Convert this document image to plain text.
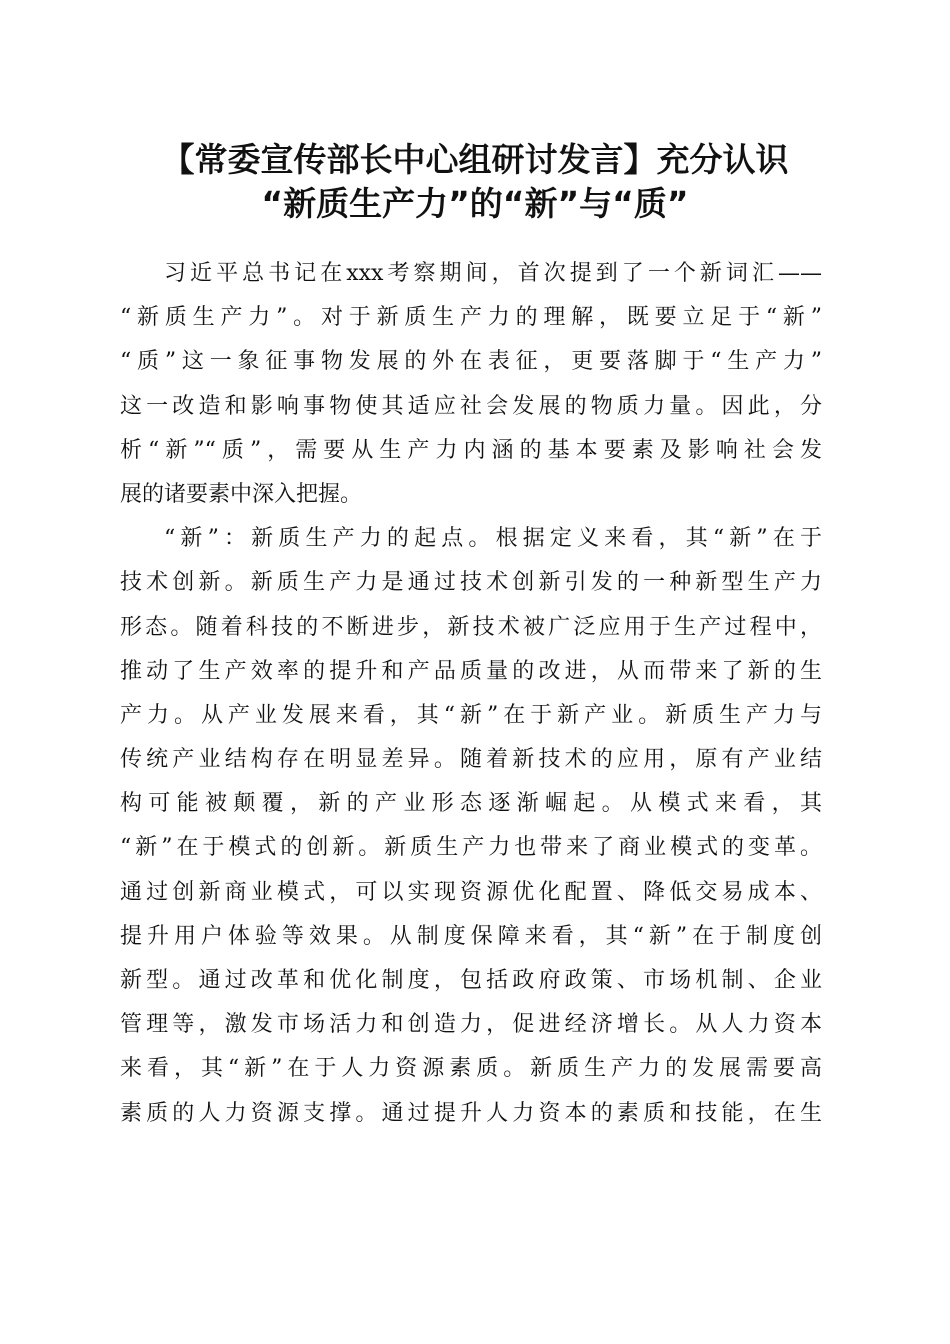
【常委宣传部长中心组研讨发言】充分认识
“新质生产力”的“新”与“质”
习近平总书记在xxx考察期间，首次提到了一个新词汇——
“新质生产力”。对于新质生产力的理解，既要立足于“新”
“质”这一象征事物发展的外在表征，更要落脚于“生产力”
这一改造和影响事物使其适应社会发展的物质力量。因此，分
析“新”“质”，需要从生产力内涵的基本要素及影响社会发
展的诸要素中深入把握。
“新”：新质生产力的起点。根据定义来看，其“新”在于
技术创新。新质生产力是通过技术创新引发的一种新型生产力
形态。随着科技的不断进步，新技术被广泛应用于生产过程中，
推动了生产效率的提升和产品质量的改进，从而带来了新的生
产力。从产业发展来看，其“新”在于新产业。新质生产力与
传统产业结构存在明显差异。随着新技术的应用，原有产业结
构可能被颠覆，新的产业形态逐渐崛起。从模式来看，其
“新”在于模式的创新。新质生产力也带来了商业模式的变革。
通过创新商业模式，可以实现资源优化配置、降低交易成本、
提升用户体验等效果。从制度保障来看，其“新”在于制度创
新型。通过改革和优化制度，包括政府政策、市场机制、企业
管理等，激发市场活力和创造力，促进经济增长。从人力资本
来看，其“新”在于人力资源素质。新质生产力的发展需要高
素质的人力资源支撑。通过提升人力资本的素质和技能，在生
